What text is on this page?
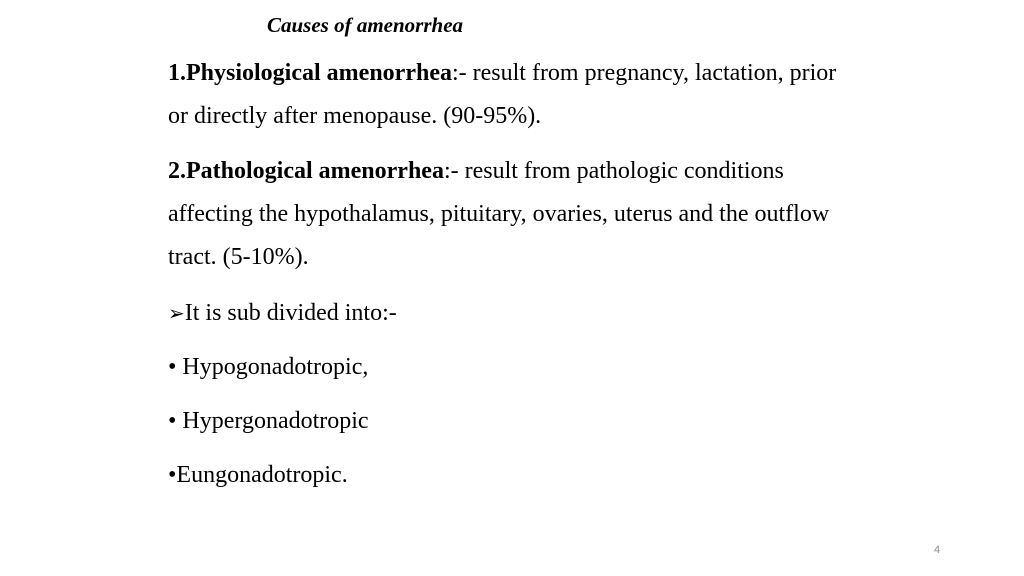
Causes of amenorrhea
1.Physiological amenorrhea:- result from pregnancy, lactation, prior or directly after menopause. (90-95%).
2.Pathological amenorrhea:- result from pathologic conditions affecting the hypothalamus, pituitary, ovaries, uterus and the outflow tract. (5-10%).
➢It is sub divided into:-
• Hypogonadotropic,
• Hypergonadotropic
•Eungonadotropic.
4
